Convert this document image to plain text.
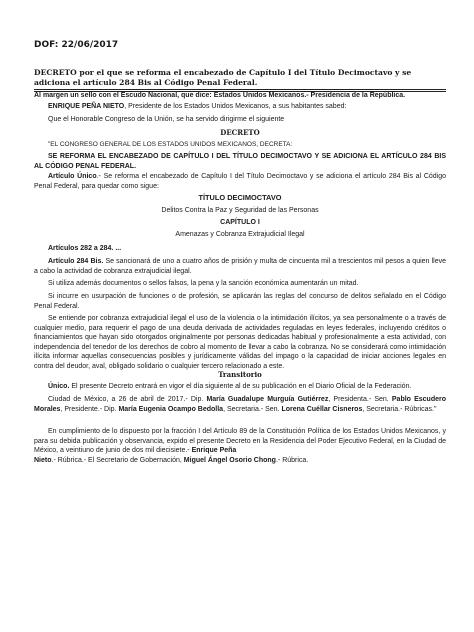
DOF: 22/06/2017
DECRETO por el que se reforma el encabezado de Capítulo I del Título Decimoctavo y se adiciona el artículo 284 Bis al Código Penal Federal.
Al margen un sello con el Escudo Nacional, que dice: Estados Unidos Mexicanos.- Presidencia de la República.
ENRIQUE PEÑA NIETO, Presidente de los Estados Unidos Mexicanos, a sus habitantes sabed:
Que el Honorable Congreso de la Unión, se ha servido dirigirme el siguiente
DECRETO
"EL CONGRESO GENERAL DE LOS ESTADOS UNIDOS MEXICANOS, DECRETA:
SE REFORMA EL ENCABEZADO DE CAPÍTULO I DEL TÍTULO DECIMOCTAVO Y SE ADICIONA EL ARTÍCULO 284 BIS AL CÓDIGO PENAL FEDERAL.
Artículo Único.- Se reforma el encabezado de Capítulo I del Título Decimoctavo y se adiciona el artículo 284 Bis al Código Penal Federal, para quedar como sigue:
TÍTULO DECIMOCTAVO
Delitos Contra la Paz y Seguridad de las Personas
CAPÍTULO I
Amenazas y Cobranza Extrajudicial Ilegal
Artículos 282 a 284. ...
Artículo 284 Bis. Se sancionará de uno a cuatro años de prisión y multa de cincuenta mil a trescientos mil pesos a quien lleve a cabo la actividad de cobranza extrajudicial ilegal.
Si utiliza además documentos o sellos falsos, la pena y la sanción económica aumentarán un mitad.
Si incurre en usurpación de funciones o de profesión, se aplicarán las reglas del concurso de delitos señalado en el Código Penal Federal.
Se entiende por cobranza extrajudicial ilegal el uso de la violencia o la intimidación ilícitos, ya sea personalmente o a través de cualquier medio, para requerir el pago de una deuda derivada de actividades reguladas en leyes federales, incluyendo créditos o financiamientos que hayan sido otorgados originalmente por personas dedicadas habitual y profesionalmente a esta actividad, con independencia del tenedor de los derechos de cobro al momento de llevar a cabo la cobranza. No se considerará como intimidación ilícita informar aquellas consecuencias posibles y jurídicamente válidas del impago o la capacidad de iniciar acciones legales en contra del deudor, aval, obligado solidario o cualquier tercero relacionado a este.
Transitorio
Único. El presente Decreto entrará en vigor el día siguiente al de su publicación en el Diario Oficial de la Federación.
Ciudad de México, a 26 de abril de 2017.- Dip. María Guadalupe Murguía Gutiérrez, Presidenta.- Sen. Pablo Escudero Morales, Presidente.- Dip. María Eugenia Ocampo Bedolla, Secretaria.- Sen. Lorena Cuéllar Cisneros, Secretaria.- Rúbricas."
En cumplimiento de lo dispuesto por la fracción I del Artículo 89 de la Constitución Política de los Estados Unidos Mexicanos, y para su debida publicación y observancia, expido el presente Decreto en la Residencia del Poder Ejecutivo Federal, en la Ciudad de México, a veintiuno de junio de dos mil diecisiete.- Enrique Peña
Nieto.- Rúbrica.- El Secretario de Gobernación, Miguel Ángel Osorio Chong.- Rúbrica.
